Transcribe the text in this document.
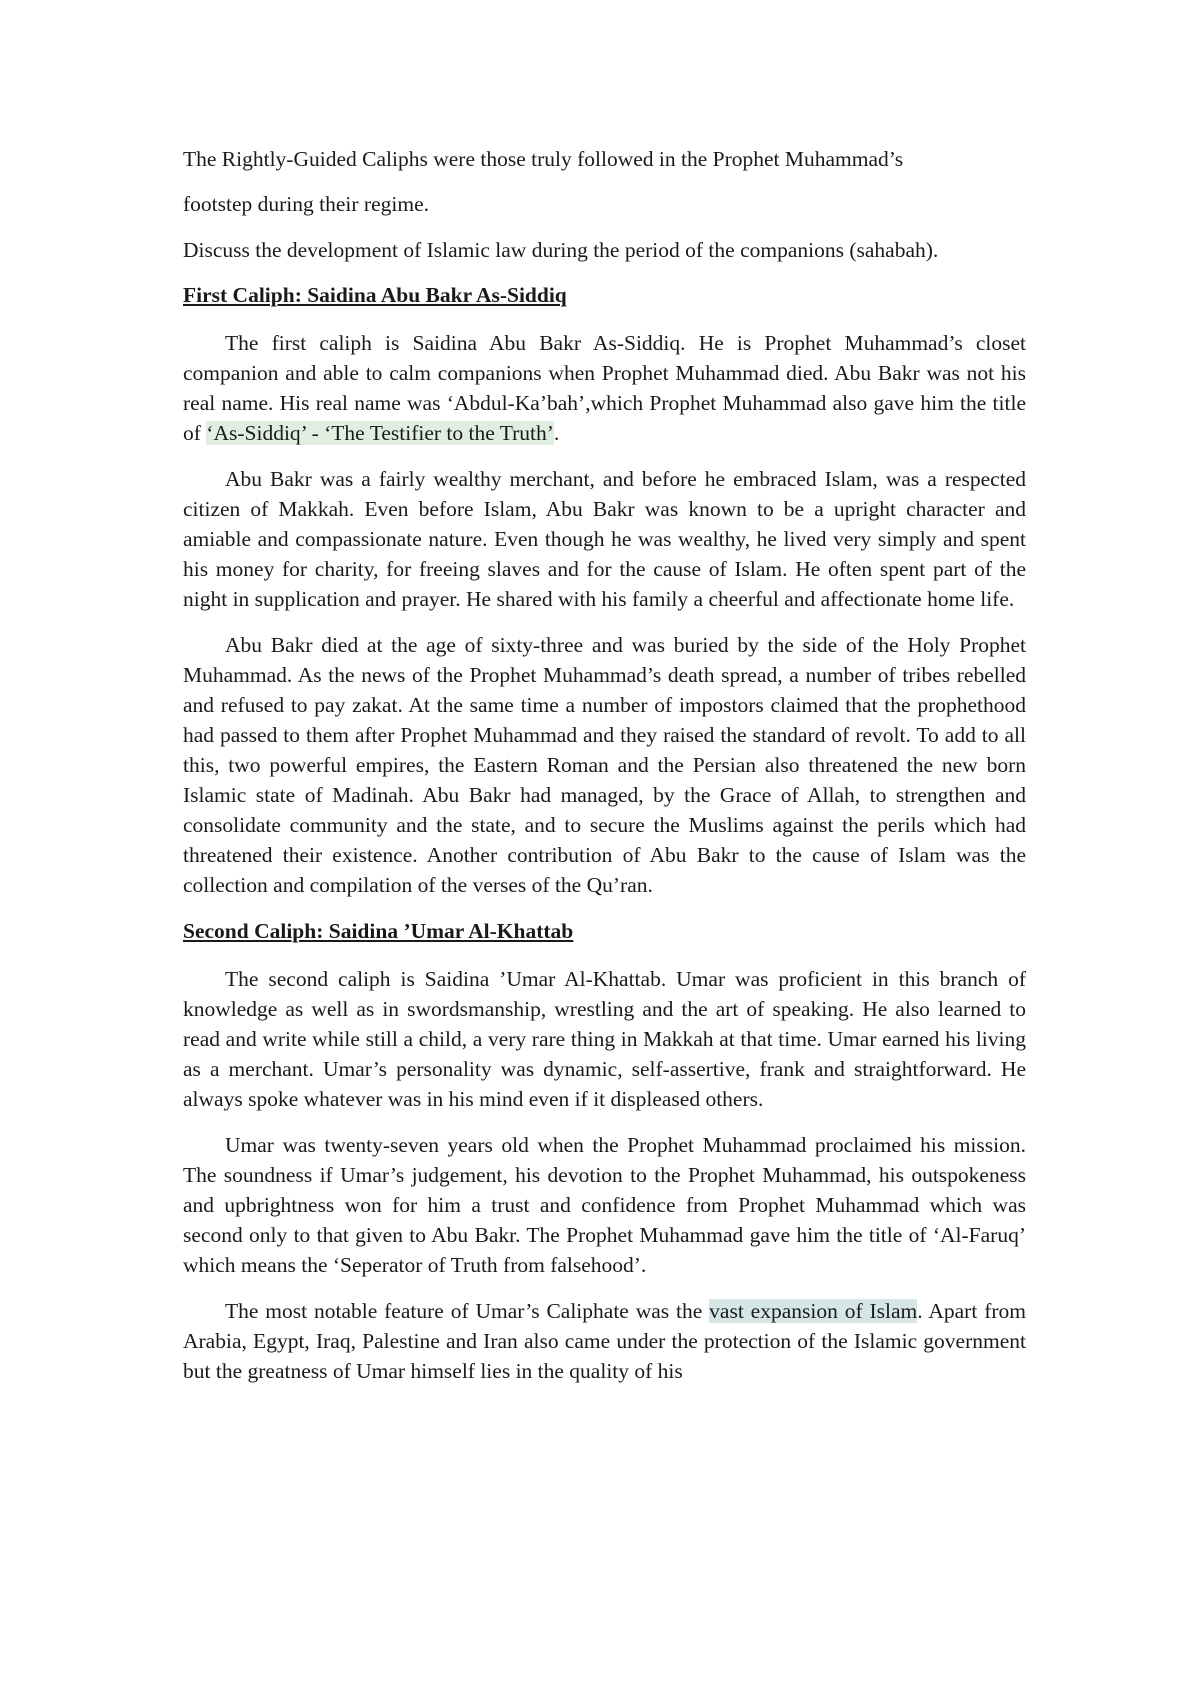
The Rightly-Guided Caliphs were those truly followed in the Prophet Muhammad’s

footstep during their regime.

Discuss the development of Islamic law during the period of the companions (sahabah).

First Caliph: Saidina Abu Bakr As-Siddiq

The first caliph is Saidina Abu Bakr As-Siddiq. He is Prophet Muhammad’s closet companion and able to calm companions when Prophet Muhammad died. Abu Bakr was not his real name. His real name was ‘Abdul-Ka’bah’,which Prophet Muhammad also gave him the title of ‘As-Siddiq’ - ‘The Testifier to the Truth’.

Abu Bakr was a fairly wealthy merchant, and before he embraced Islam, was a respected citizen of Makkah. Even before Islam, Abu Bakr was known to be a upright character and amiable and compassionate nature. Even though he was wealthy, he lived very simply and spent his money for charity, for freeing slaves and for the cause of Islam. He often spent part of the night in supplication and prayer. He shared with his family a cheerful and affectionate home life.

Abu Bakr died at the age of sixty-three and was buried by the side of the Holy Prophet Muhammad. As the news of the Prophet Muhammad’s death spread, a number of tribes rebelled and refused to pay zakat. At the same time a number of impostors claimed that the prophethood had passed to them after Prophet Muhammad and they raised the standard of revolt. To add to all this, two powerful empires, the Eastern Roman and the Persian also threatened the new born Islamic state of Madinah. Abu Bakr had managed, by the Grace of Allah, to strengthen and consolidate community and the state, and to secure the Muslims against the perils which had threatened their existence. Another contribution of Abu Bakr to the cause of Islam was the collection and compilation of the verses of the Qu’ran.

Second Caliph: Saidina ’Umar Al-Khattab

The second caliph is Saidina ’Umar Al-Khattab. Umar was proficient in this branch of knowledge as well as in swordsmanship, wrestling and the art of speaking. He also learned to read and write while still a child, a very rare thing in Makkah at that time. Umar earned his living as a merchant. Umar’s personality was dynamic, self-assertive, frank and straightforward. He always spoke whatever was in his mind even if it displeased others.

Umar was twenty-seven years old when the Prophet Muhammad proclaimed his mission. The soundness if Umar’s judgement, his devotion to the Prophet Muhammad, his outspokeness and upbrightness won for him a trust and confidence from Prophet Muhammad which was second only to that given to Abu Bakr. The Prophet Muhammad gave him the title of ‘Al-Faruq’ which means the ‘Seperator of Truth from falsehood’.

The most notable feature of Umar’s Caliphate was the vast expansion of Islam. Apart from Arabia, Egypt, Iraq, Palestine and Iran also came under the protection of the Islamic government but the greatness of Umar himself lies in the quality of his
